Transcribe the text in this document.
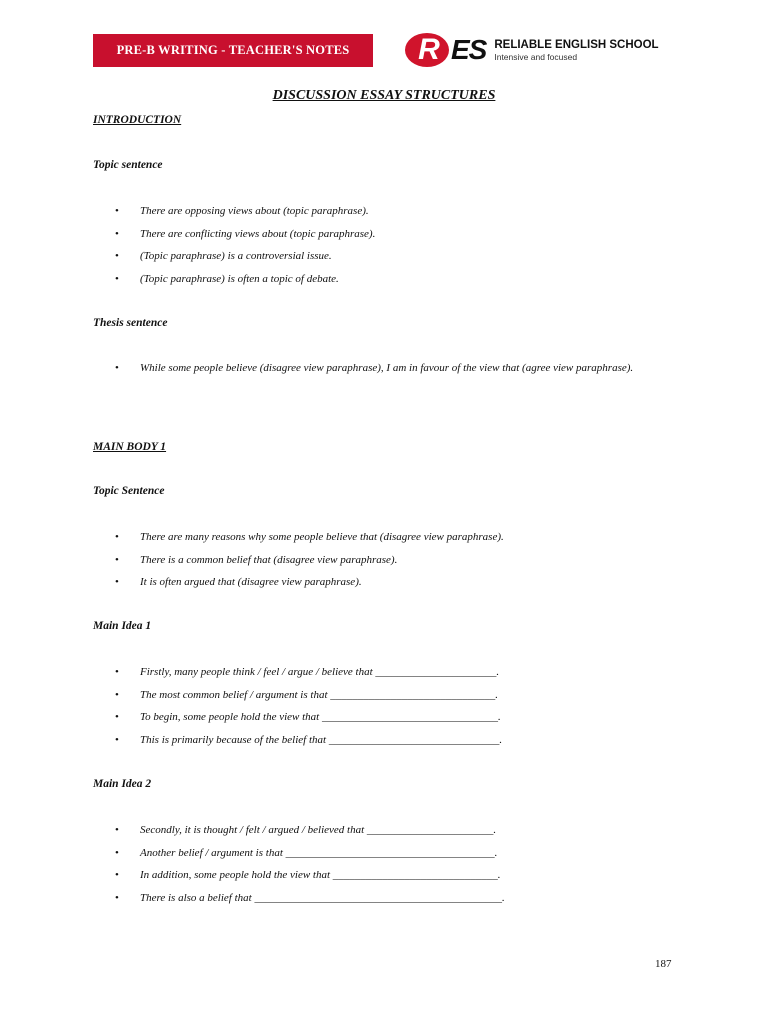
PRE-B WRITING - TEACHER'S NOTES R ES RELIABLE ENGLISH SCHOOL
Intensive and focused
DISCUSSION ESSAY STRUCTURES
INTRODUCTION
Topic sentence
• There are opposing views about (topic paraphrase).
• There are conflicting views about (topic paraphrase).
• (Topic paraphrase) is a controversial issue.
• (Topic paraphrase) is often a topic of debate.
Thesis sentence
• While some people believe (disagree view paraphrase), I am in favour of the view that (agree view paraphrase).
MAIN BODY 1
Topic Sentence
• There are many reasons why some people believe that (disagree view paraphrase).
• There is a common belief that (disagree view paraphrase).
• It is often argued that (disagree view paraphrase).
Main Idea 1
• Firstly, many people think / feel / argue / believe that ______________________.
• The most common belief / argument is that ______________________________.
• To begin, some people hold the view that ________________________________.
• This is primarily because of the belief that _______________________________.
Main Idea 2
• Secondly, it is thought / felt / argued / believed that _______________________.
• Another belief / argument is that ______________________________________.
• In addition, some people hold the view that ______________________________.
• There is also a belief that _____________________________________________.
187
